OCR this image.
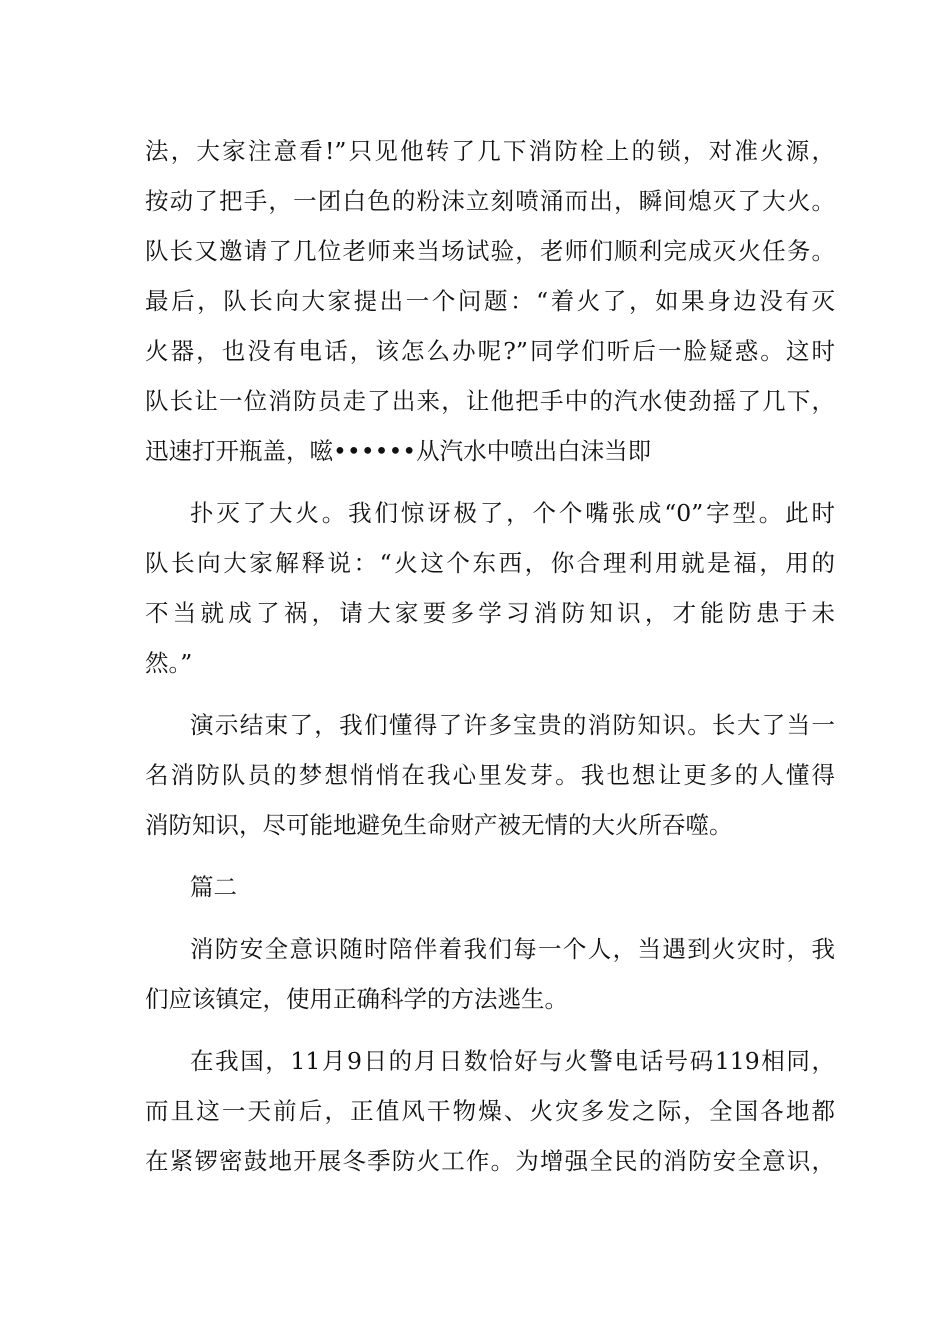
法，大家注意看!”只见他转了几下消防栓上的锁，对准火源，

按动了把手，一团白色的粉沫立刻喷涌而出，瞬间熄灭了大火。

队长又邀请了几位老师来当场试验，老师们顺利完成灭火任务。

最后，队长向大家提出一个问题：“着火了，如果身边没有灭

火器，也没有电话，该怎么办呢?”同学们听后一脸疑惑。这时

队长让一位消防员走了出来，让他把手中的汽水使劲摇了几下，

迅速打开瓶盖，嗞••••••从汽水中喷出白沫当即

扑灭了大火。我们惊讶极了，个个嘴张成“0”字型。此时

队长向大家解释说：“火这个东西，你合理利用就是福，用的

不当就成了祸，请大家要多学习消防知识，才能防患于未

然。”

演示结束了，我们懂得了许多宝贵的消防知识。长大了当一

名消防队员的梦想悄悄在我心里发芽。我也想让更多的人懂得

消防知识，尽可能地避免生命财产被无情的大火所吞噬。

篇二

消防安全意识随时陪伴着我们每一个人，当遇到火灾时，我

们应该镇定，使用正确科学的方法逃生。

在我国，11月9日的月日数恰好与火警电话号码119相同，

而且这一天前后，正值风干物燥、火灾多发之际，全国各地都

在紧锣密鼓地开展冬季防火工作。为增强全民的消防安全意识，
